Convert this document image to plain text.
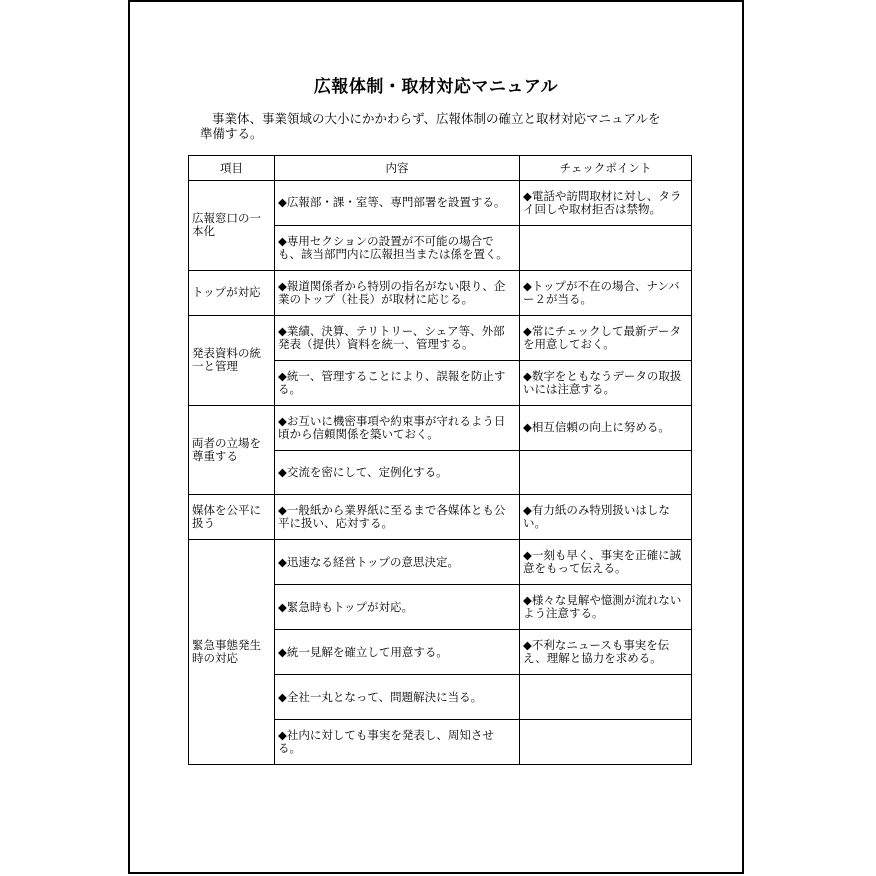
広報体制・取材対応マニュアル
事業体、事業領域の大小にかかわらず、広報体制の確立と取材対応マニュアルを準備する。
項目	内容	チェックポイント
広報窓口の一本化	◆広報部・課・室等、専門部署を設置する。	◆電話や訪問取材に対し、タライ回しや取材拒否は禁物。
	◆専用セクションの設置が不可能の場合でも、該当部門内に広報担当または係を置く。	
トップが対応	◆報道関係者から特別の指名がない限り、企業のトップ（社長）が取材に応じる。	◆トップが不在の場合、ナンバー２が当る。
発表資料の統一と管理	◆業績、決算、テリトリー、シェア等、外部発表（提供）資料を統一、管理する。	◆常にチェックして最新データを用意しておく。
	◆統一、管理することにより、誤報を防止する。	◆数字をともなうデータの取扱いには注意する。
両者の立場を尊重する	◆お互いに機密事項や約束事が守れるよう日頃から信頼関係を築いておく。	◆相互信頼の向上に努める。
	◆交流を密にして、定例化する。	
媒体を公平に扱う	◆一般紙から業界紙に至るまで各媒体とも公平に扱い、応対する。	◆有力紙のみ特別扱いはしない。
緊急事態発生時の対応	◆迅速なる経営トップの意思決定。	◆一刻も早く、事実を正確に誠意をもって伝える。
	◆緊急時もトップが対応。	◆様々な見解や憶測が流れないよう注意する。
	◆統一見解を確立して用意する。	◆不利なニュースも事実を伝え、理解と協力を求める。
	◆全社一丸となって、問題解決に当る。	
	◆社内に対しても事実を発表し、周知させる。	
